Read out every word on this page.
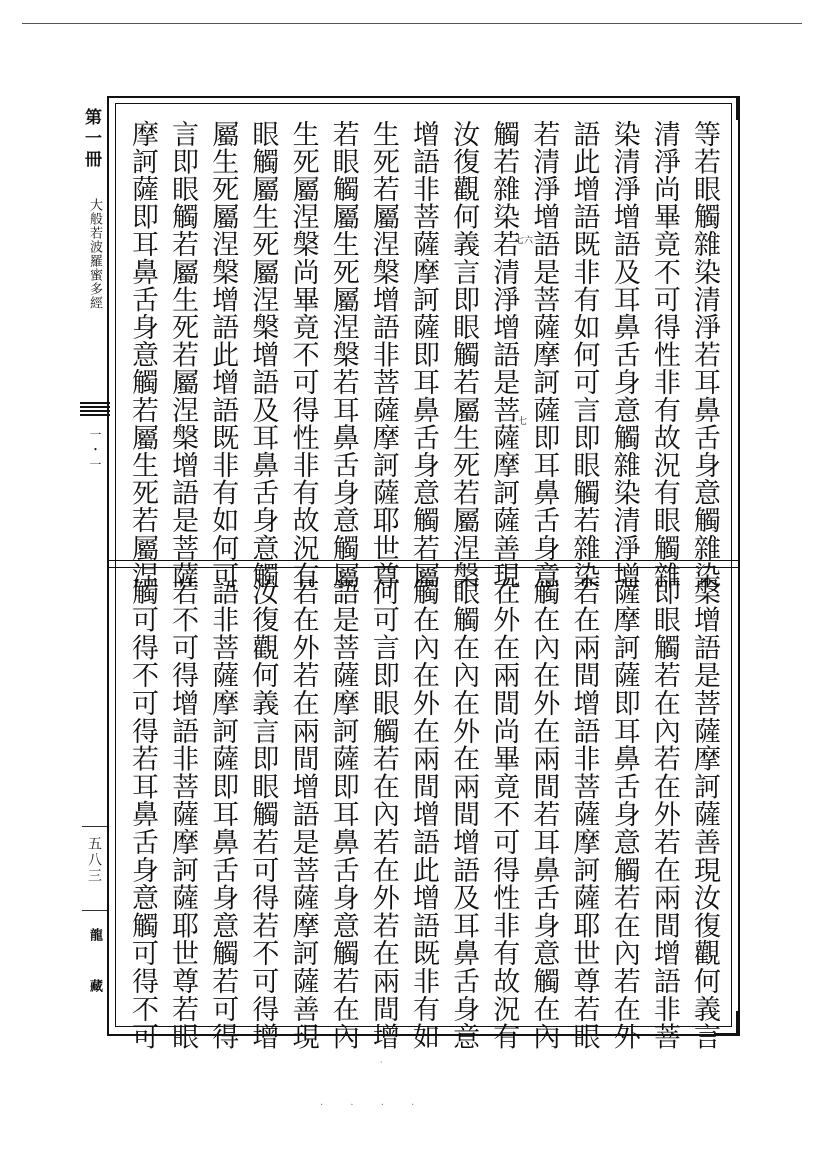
第一冊
大般若波羅蜜多經
一・一
五八三
龍藏
等若眼觸雜染清淨若耳鼻舌身意觸雜染
清淨尚畢竟不可得性非有故況有眼觸雜
染清淨增語及耳鼻舌身意觸雜染清淨增
語此增語既非有如何可言即眼觸若雜染
若清淨增語是菩薩摩訶薩即耳鼻舌身意
觸若雜染若清淨增語是菩薩摩訶薩善現
汝復觀何義言即眼觸若屬生死若屬涅槃
增語非菩薩摩訶薩即耳鼻舌身意觸若屬
生死若屬涅槃增語非菩薩摩訶薩耶世尊
若眼觸屬生死屬涅槃若耳鼻舌身意觸屬
生死屬涅槃尚畢竟不可得性非有故況有
眼觸屬生死屬涅槃增語及耳鼻舌身意觸
屬生死屬涅槃增語此增語既非有如何可
言即眼觸若屬生死若屬涅槃增語是菩薩
摩訶薩即耳鼻舌身意觸若屬生死若屬涅
槃增語是菩薩摩訶薩善現汝復觀何義言
即眼觸若在內若在外若在兩間增語非菩
薩摩訶薩即耳鼻舌身意觸若在內若在外
若在兩間增語非菩薩摩訶薩耶世尊若眼
觸在內在外在兩間若耳鼻舌身意觸在內
在外在兩間尚畢竟不可得性非有故況有
眼觸在內在外在兩間增語及耳鼻舌身意
觸在內在外在兩間增語此增語既非有如
何可言即眼觸若在內若在外若在兩間增
語是菩薩摩訶薩即耳鼻舌身意觸若在內
若在外若在兩間增語是菩薩摩訶薩善現
汝復觀何義言即眼觸若可得若不可得增
語非菩薩摩訶薩即耳鼻舌身意觸若可得
若不可得增語非菩薩摩訶薩耶世尊若眼
觸可得不可得若耳鼻舌身意觸可得不可
七六
七
·
· · · ·
